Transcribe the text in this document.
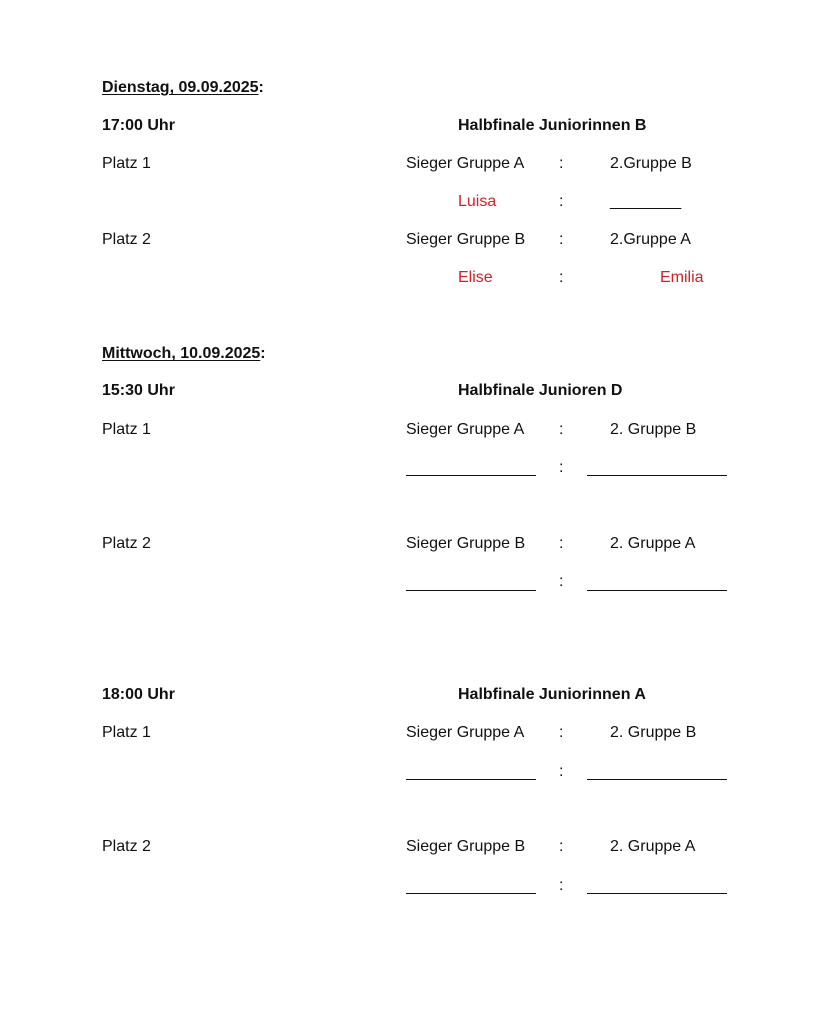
Dienstag, 09.09.2025:
17:00 Uhr	Halbfinale Juniorinnen B
Platz 1	Sieger Gruppe A :	2.Gruppe B
Luisa	:	________
Platz 2	Sieger Gruppe B :	2.Gruppe A
Elise	:	Emilia
Mittwoch, 10.09.2025:
15:30 Uhr	Halbfinale Junioren D
Platz 1	Sieger Gruppe A :	2. Gruppe B
:
Platz 2	Sieger Gruppe B :	2. Gruppe A
:
18:00 Uhr	Halbfinale Juniorinnen A
Platz 1	Sieger Gruppe A :	2. Gruppe B
:
Platz 2	Sieger Gruppe B :	2. Gruppe A
:
